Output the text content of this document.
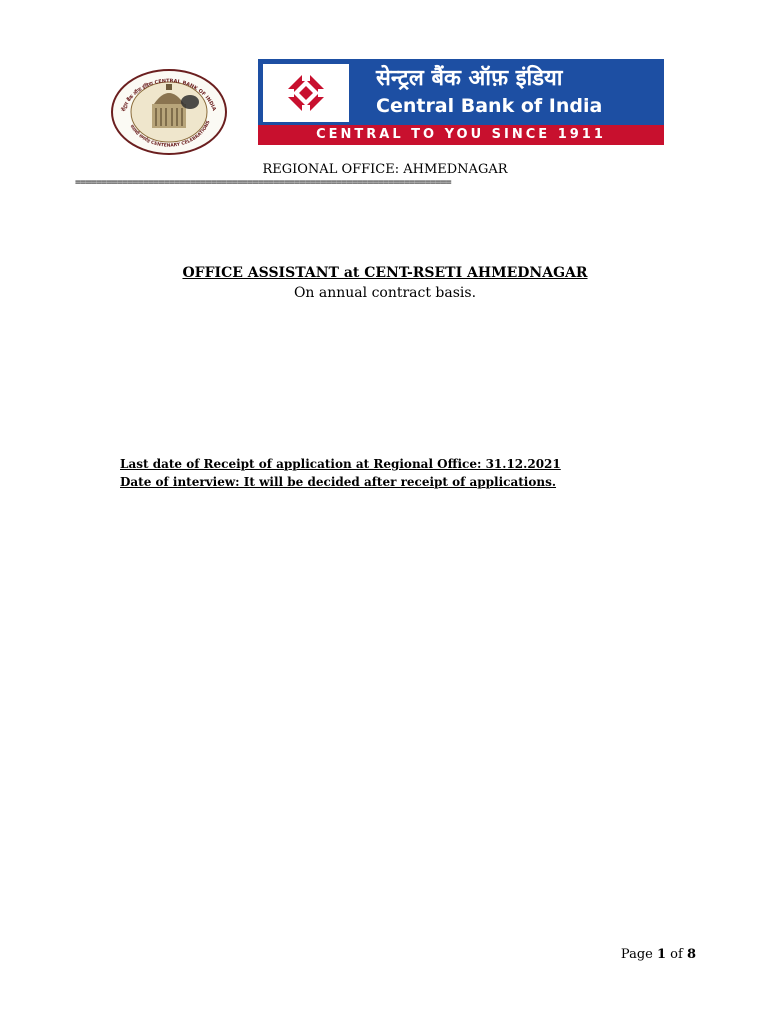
सेंट्रल बैंक ऑफ़ इंडिया CENTRAL BANK OF INDIA
शताब्दी समारोह CENTENARY CELEBRATIONS
सेन्ट्रल बैंक ऑफ़ इंडिया
Central Bank of India
CENTRAL TO YOU SINCE 1911
REGIONAL OFFICE: AHMEDNAGAR
========================================================================
OFFICE ASSISTANT at CENT-RSETI AHMEDNAGAR
On annual contract basis.
Last date of Receipt of application at Regional Office: 31.12.2021
Date of interview: It will be decided after receipt of applications.
Page 1 of 8
